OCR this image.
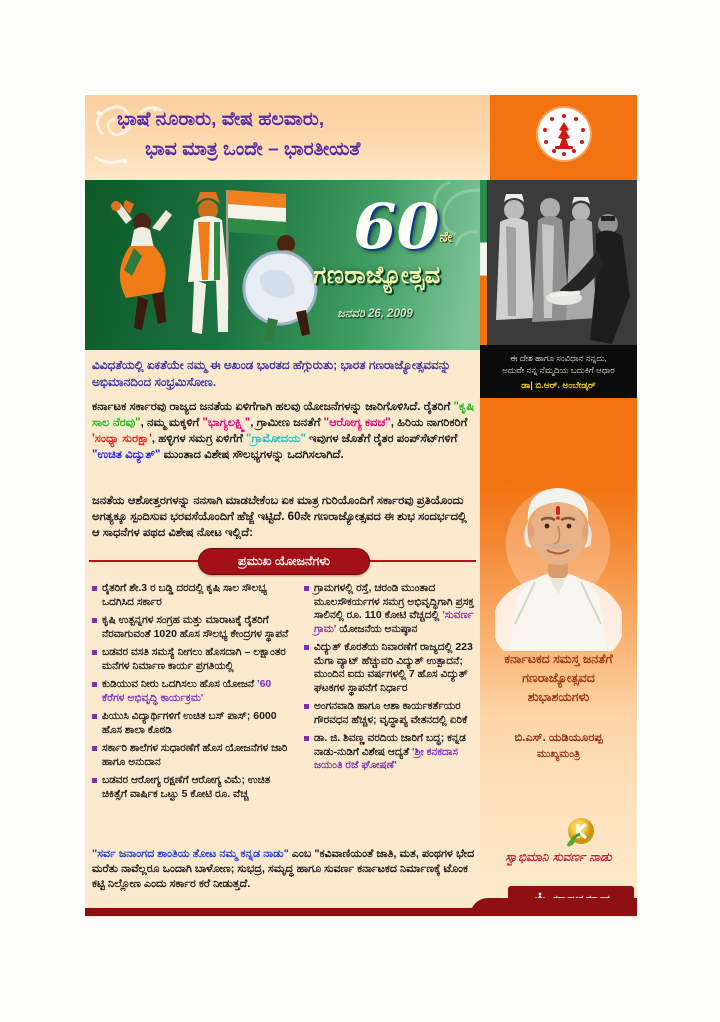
ಭಾಷೆ ನೂರಾರು, ವೇಷ ಹಲವಾರು,
ಭಾವ ಮಾತ್ರ ಒಂದೇ – ಭಾರತೀಯತೆ
60ನೇ
ಗಣರಾಜ್ಯೋತ್ಸವ
ಜನವರಿ 26, 2009
ಈ ದೇಶ ಹಾಗೂ ಸಂವಿಧಾನ ನನ್ನದು,
ಅದುವೇ ನನ್ನ ನೆಮ್ಮದಿಯ ಬದುಕಿಗೆ ಆಧಾರ
ಡಾ| ಬಿ.ಆರ್. ಅಂಬೇಡ್ಕರ್
ವಿವಿಧತೆಯಲ್ಲಿ ಏಕತೆಯೇ ನಮ್ಮ ಈ ಅಖಂಡ ಭಾರತದ ಹೆಗ್ಗುರುತು; ಭಾರತ ಗಣರಾಜ್ಯೋತ್ಸವವನ್ನು ಅಭಿಮಾನದಿಂದ ಸಂಭ್ರಮಿಸೋಣ.
ಕರ್ನಾಟಕ ಸರ್ಕಾರವು ರಾಜ್ಯದ ಜನತೆಯ ಏಳಿಗೆಗಾಗಿ ಹಲವು ಯೋಜನೆಗಳನ್ನು ಜಾರಿಗೊಳಿಸಿದೆ. ರೈತರಿಗೆ "ಕೃಷಿ ಸಾಲ ನೆರವು", ನಮ್ಮ ಮಕ್ಕಳಿಗೆ "ಭಾಗ್ಯಲಕ್ಷ್ಮಿ", ಗ್ರಾಮೀಣ ಜನತೆಗೆ "ಆರೋಗ್ಯ ಕವಚ", ಹಿರಿಯ ನಾಗರಿಕರಿಗೆ 'ಸಂಧ್ಯಾ ಸುರಕ್ಷಾ', ಹಳ್ಳಿಗಳ ಸಮಗ್ರ ಏಳಿಗೆಗೆ "ಗ್ರಾಮೋದಯ" ಇವುಗಳ ಜೊತೆಗೆ ರೈತರ ಪಂಪ್‌ಸೆಟ್‌ಗಳಿಗೆ "ಉಚಿತ ವಿದ್ಯುತ್" ಮುಂತಾದ ವಿಶೇಷ ಸೌಲಭ್ಯಗಳನ್ನು ಒದಗಿಸಲಾಗಿದೆ.
ಜನತೆಯ ಆಶೋತ್ತರಗಳನ್ನು ನನಸಾಗಿ ಮಾಡಬೇಕೆಂಬ ಏಕ ಮಾತ್ರ ಗುರಿಯೊಂದಿಗೆ ಸರ್ಕಾರವು ಪ್ರತಿಯೊಂದು ಅಗತ್ಯಕ್ಕೂ ಸ್ಪಂದಿಸುವ ಭರವಸೆಯೊಂದಿಗೆ ಹೆಜ್ಜೆ ಇಟ್ಟಿದೆ. 60ನೇ ಗಣರಾಜ್ಯೋತ್ಸವದ ಈ ಶುಭ ಸಂದರ್ಭದಲ್ಲಿ ಆ ಸಾಧನೆಗಳ ಪಥದ ವಿಶೇಷ ನೋಟ ಇಲ್ಲಿದೆ:
ಪ್ರಮುಖ ಯೋಜನೆಗಳು
ರೈತರಿಗೆ ಶೇ.3 ರ ಬಡ್ಡಿ ದರದಲ್ಲಿ ಕೃಷಿ ಸಾಲ ಸೌಲಭ್ಯ ಒದಗಿಸಿದ ಸರ್ಕಾರ
ಕೃಷಿ ಉತ್ಪನ್ನಗಳ ಸಂಗ್ರಹ ಮತ್ತು ಮಾರಾಟಕ್ಕೆ ರೈತರಿಗೆ ನೆರವಾಗುವಂತೆ 1020 ಹೊಸ ಸೌಲಭ್ಯ ಕೇಂದ್ರಗಳ ಸ್ಥಾಪನೆ
ಬಡವರ ವಸತಿ ಸಮಸ್ಯೆ ನೀಗಲು ಹೊಸದಾಗಿ – ಲಕ್ಷಾಂತರ ಮನೆಗಳ ನಿರ್ಮಾಣ ಕಾರ್ಯ ಪ್ರಗತಿಯಲ್ಲಿ
ಕುಡಿಯುವ ನೀರು ಒದಗಿಸಲು ಹೊಸ ಯೋಜನೆ '60 ಕೆರೆಗಳ ಅಭಿವೃದ್ಧಿ ಕಾರ್ಯಕ್ರಮ'
ಪಿಯುಸಿ ವಿದ್ಯಾರ್ಥಿಗಳಿಗೆ ಉಚಿತ ಬಸ್ ಪಾಸ್; 6000 ಹೊಸ ಶಾಲಾ ಕೊಠಡಿ
ಸರ್ಕಾರಿ ಶಾಲೆಗಳ ಸುಧಾರಣೆಗೆ ಹೊಸ ಯೋಜನೆಗಳ ಜಾರಿ ಹಾಗೂ ಅನುದಾನ
ಬಡವರ ಆರೋಗ್ಯ ರಕ್ಷಣೆಗೆ ಆರೋಗ್ಯ ವಿಮೆ; ಉಚಿತ ಚಿಕಿತ್ಸೆಗೆ ವಾರ್ಷಿಕ ಒಟ್ಟು 5 ಕೋಟಿ ರೂ. ವೆಚ್ಚ
ಗ್ರಾಮಗಳಲ್ಲಿ ರಸ್ತೆ, ಚರಂಡಿ ಮುಂತಾದ ಮೂಲಸೌಕರ್ಯಗಳ ಸಮಗ್ರ ಅಭಿವೃದ್ಧಿಗಾಗಿ ಪ್ರಸಕ್ತ ಸಾಲಿನಲ್ಲಿ ರೂ. 110 ಕೋಟಿ ವೆಚ್ಚದಲ್ಲಿ 'ಸುವರ್ಣ ಗ್ರಾಮ' ಯೋಜನೆಯ ಅನುಷ್ಠಾನ
ವಿದ್ಯುತ್ ಕೊರತೆಯ ನಿವಾರಣೆಗೆ ರಾಜ್ಯದಲ್ಲಿ 223 ಮೆಗಾ ವ್ಯಾಟ್ ಹೆಚ್ಚುವರಿ ವಿದ್ಯುತ್ ಉತ್ಪಾದನೆ; ಮುಂದಿನ ಐದು ವರ್ಷಗಳಲ್ಲಿ 7 ಹೊಸ ವಿದ್ಯುತ್ ಘಟಕಗಳ ಸ್ಥಾಪನೆಗೆ ನಿರ್ಧಾರ
ಅಂಗನವಾಡಿ ಹಾಗೂ ಆಶಾ ಕಾರ್ಯಕರ್ತೆಯರ ಗೌರವಧನ ಹೆಚ್ಚಳ; ವೃದ್ಧಾಪ್ಯ ವೇತನದಲ್ಲಿ ಏರಿಕೆ
ಡಾ. ಜಿ. ಶಿವಣ್ಣ ವರದಿಯ ಜಾರಿಗೆ ಬದ್ಧ; ಕನ್ನಡ ನಾಡು-ನುಡಿಗೆ ವಿಶೇಷ ಆದ್ಯತೆ 'ಶ್ರೀ ಕನಕದಾಸ ಜಯಂತಿ ರಜೆ ಘೋಷಣೆ'
"ಸರ್ವ ಜನಾಂಗದ ಶಾಂತಿಯ ತೋಟ ನಮ್ಮ ಕನ್ನಡ ನಾಡು" ಎಂಬ "ಕವಿವಾಣಿಯಂತೆ ಜಾತಿ, ಮತ, ಪಂಥಗಳ ಭೇದ ಮರೆತು ನಾವೆಲ್ಲರೂ ಒಂದಾಗಿ ಬಾಳೋಣ; ಸುಭದ್ರ, ಸಮೃದ್ಧ ಹಾಗೂ ಸುವರ್ಣ ಕರ್ನಾಟಕದ ನಿರ್ಮಾಣಕ್ಕೆ ಟೊಂಕ ಕಟ್ಟಿ ನಿಲ್ಲೋಣ ಎಂದು ಸರ್ಕಾರ ಕರೆ ನೀಡುತ್ತದೆ.
ಕರ್ನಾಟಕದ ಸಮಸ್ತ ಜನತೆಗೆ
ಗಣರಾಜ್ಯೋತ್ಸವದ
ಶುಭಾಶಯಗಳು
ಬಿ.ಎಸ್. ಯಡಿಯೂರಪ್ಪ
ಮುಖ್ಯಮಂತ್ರಿ
ಸ್ವಾಭಿಮಾನಿ ಸುವರ್ಣ ನಾಡು
